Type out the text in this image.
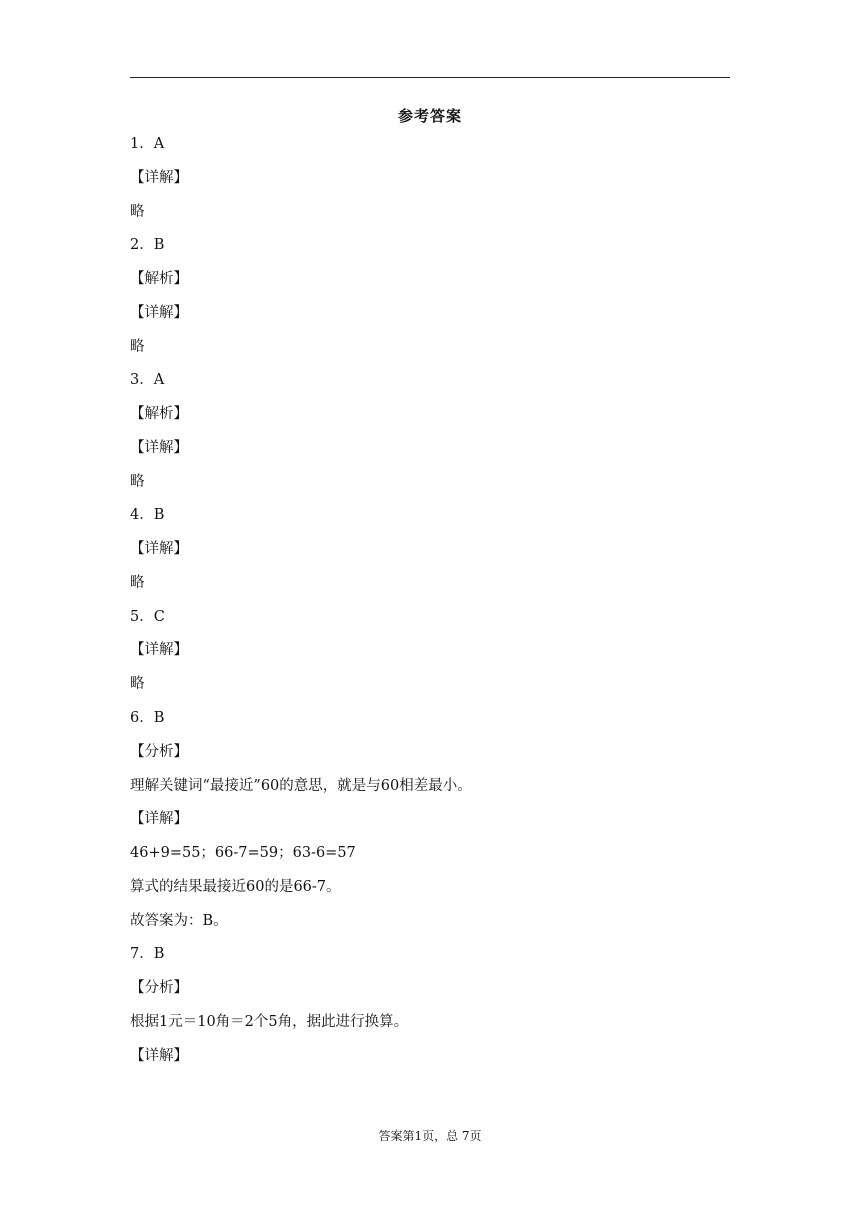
参考答案
1．A
【详解】
略
2．B
【解析】
【详解】
略
3．A
【解析】
【详解】
略
4．B
【详解】
略
5．C
【详解】
略
6．B
【分析】
理解关键词“最接近”60的意思，就是与60相差最小。
【详解】
46+9=55；66-7=59；63-6=57
算式的结果最接近60的是66-7。
故答案为：B。
7．B
【分析】
根据1元＝10角＝2个5角，据此进行换算。
【详解】
答案第1页，总 7页
